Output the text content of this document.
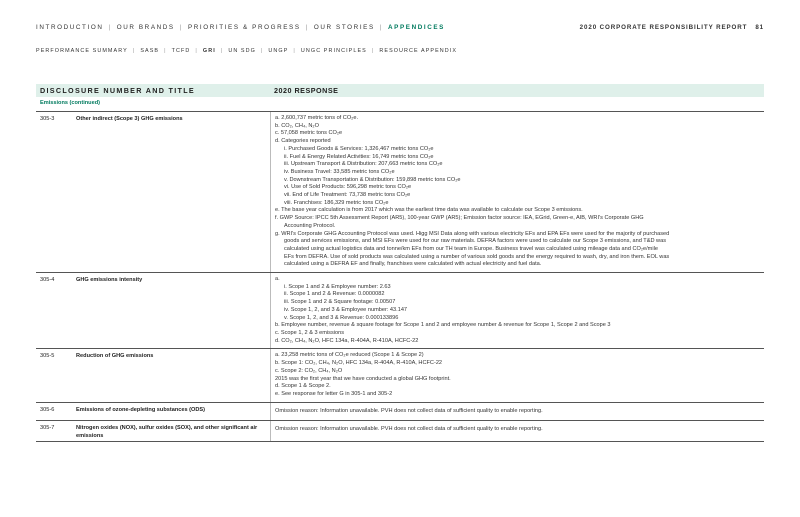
INTRODUCTION | OUR BRANDS | PRIORITIES & PROGRESS | OUR STORIES | APPENDICES	2020 CORPORATE RESPONSIBILITY REPORT 81
PERFORMANCE SUMMARY | SASB | TCFD | GRI | UN SDG | UNGP | UNGC PRINCIPLES | RESOURCE APPENDIX
DISCLOSURE NUMBER AND TITLE	2020 RESPONSE
Emissions (continued)
305-3	Other indirect (Scope 3) GHG emissions	a. 2,600,737 metric tons of CO₂e.
b. CO₂, CH₄, N₂O
c. 57,058 metric tons CO₂e
d. Categories reported
i. Purchased Goods & Services: 1,326,467 metric tons CO₂e
ii. Fuel & Energy Related Activities: 16,749 metric tons CO₂e
iii. Upstream Transport & Distribution: 207,663 metric tons CO₂e
iv. Business Travel: 33,585 metric tons CO₂e
v. Downstream Transportation & Distribution: 159,898 metric tons CO₂e
vi. Use of Sold Products: 596,298 metric tons CO₂e
vii. End of Life Treatment: 73,738 metric tons CO₂e
viii. Franchises: 186,329 metric tons CO₂e
e. The base year calculation is from 2017 which was the earliest time data was available to calculate our Scope 3 emissions.
f. GWP Source: IPCC 5th Assessment Report (AR5), 100-year GWP (AR5); Emission factor source: IEA, EGrid, Green-e, AIB, WRI's Corporate GHG
Accounting Protocol.
g. WRI's Corporate GHG Accounting Protocol was used. Higg MSI Data along with various electricity EFs and EPA EFs were used for the majority of purchased
goods and services emissions, and MSI EFs were used for our raw materials. DEFRA factors were used to calculate our Scope 3 emissions, and T&D was
calculated using actual logistics data and tonne/km EFs from our TH team in Europe. Business travel was calculated using mileage data and CO₂e/mile
EFs from DEFRA. Use of sold products was calculated using a number of various sold goods and the energy required to wash, dry, and iron them. EOL was
calculated using a DEFRA EF and finally, franchises were calculated with actual electricity and fuel data.
305-4	GHG emissions intensity	a.
i. Scope 1 and 2 & Employee number: 2.63
ii. Scope 1 and 2 & Revenue: 0.0000082
iii. Scope 1 and 2 & Square footage: 0.00507
iv. Scope 1, 2, and 3 & Employee number: 43.147
v. Scope 1, 2, and 3 & Revenue: 0.000133896
b. Employee number, revenue & square footage for Scope 1 and 2 and employee number & revenue for Scope 1, Scope 2 and Scope 3
c. Scope 1, 2 & 3 emissions
d. CO₂, CH₄, N₂O, HFC 134a, R-404A, R-410A, HCFC-22
305-5	Reduction of GHG emissions	a. 23,258 metric tons of CO₂e reduced (Scope 1 & Scope 2)
b. Scope 1: CO₂, CH₄, N₂O, HFC 134a, R-404A, R-410A, HCFC-22
c. Scope 2: CO₂, CH₄, N₂O
2015 was the first year that we have conducted a global GHG footprint.
d. Scope 1 & Scope 2.
e. See response for letter G in 305-1 and 305-2
305-6	Emissions of ozone-depleting substances (ODS)	Omission reason: Information unavailable. PVH does not collect data of sufficient quality to enable reporting.
305-7	Nitrogen oxides (NOX), sulfur oxides (SOX), and other significant air emissions
Omission reason: Information unavailable. PVH does not collect data of sufficient quality to enable reporting.
